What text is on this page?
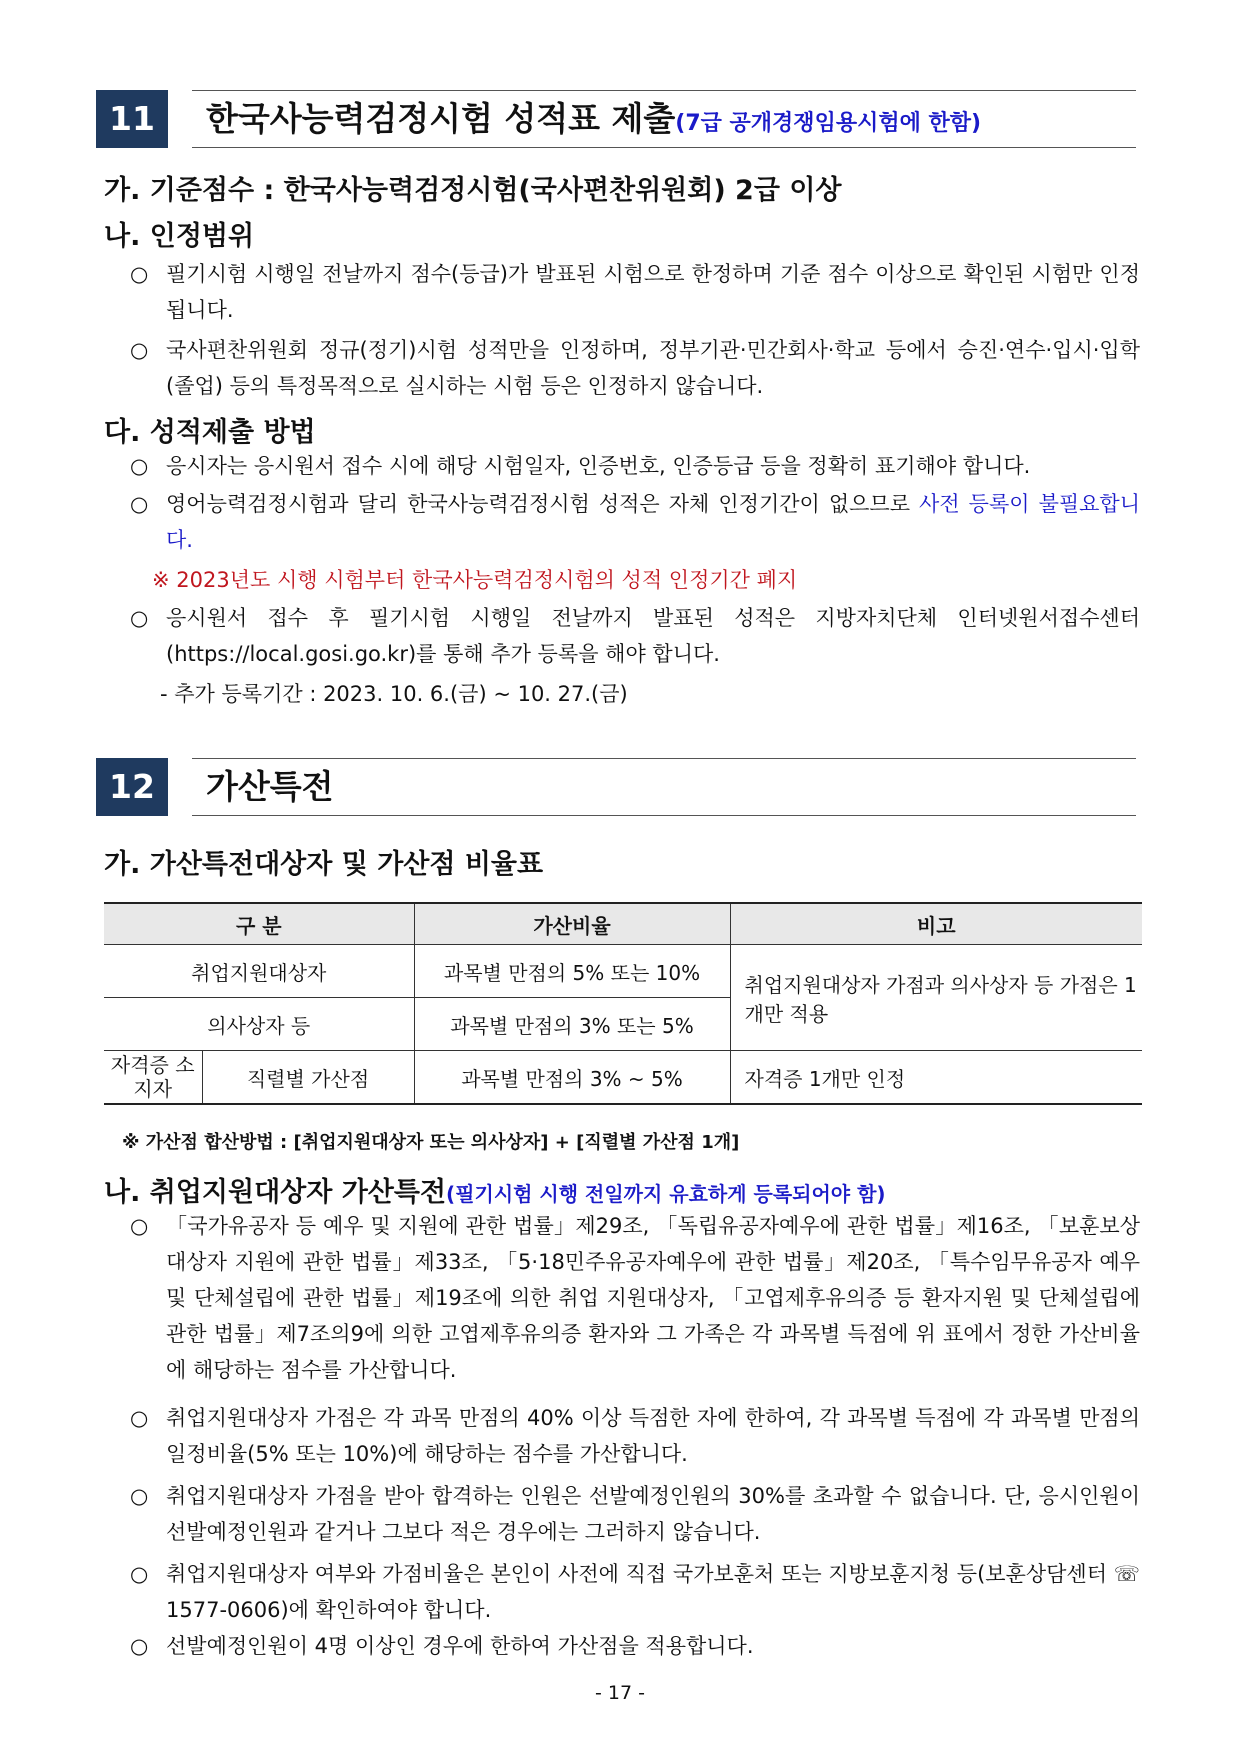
11	한국사능력검정시험 성적표 제출(7급 공개경쟁임용시험에 한함)
가. 기준점수 : 한국사능력검정시험(국사편찬위원회) 2급 이상
나. 인정범위
○ 필기시험 시행일 전날까지 점수(등급)가 발표된 시험으로 한정하며 기준 점수 이상으로 확인된 시험만 인정됩니다.
○ 국사편찬위원회 정규(정기)시험 성적만을 인정하며, 정부기관·민간회사·학교 등에서 승진·연수·입시·입학(졸업) 등의 특정목적으로 실시하는 시험 등은 인정하지 않습니다.
다. 성적제출 방법
○ 응시자는 응시원서 접수 시에 해당 시험일자, 인증번호, 인증등급 등을 정확히 표기해야 합니다.
○ 영어능력검정시험과 달리 한국사능력검정시험 성적은 자체 인정기간이 없으므로 사전 등록이 불필요합니다.
※ 2023년도 시행 시험부터 한국사능력검정시험의 성적 인정기간 폐지
○ 응시원서 접수 후 필기시험 시행일 전날까지 발표된 성적은 지방자치단체 인터넷원서접수센터(https://local.gosi.go.kr)를 통해 추가 등록을 해야 합니다.
- 추가 등록기간 : 2023. 10. 6.(금) ~ 10. 27.(금)
12	가산특전
가. 가산특전대상자 및 가산점 비율표
구 분		가산비율	비고
취업지원대상자		과목별 만점의 5% 또는 10%	취업지원대상자 가점과 의사상자 등 가점은 1개만 적용
의사상자 등		과목별 만점의 3% 또는 5%	
자격증 소지자	직렬별 가산점	과목별 만점의 3% ~ 5%	자격증 1개만 인정
※ 가산점 합산방법 : [취업지원대상자 또는 의사상자] + [직렬별 가산점 1개]
나. 취업지원대상자 가산특전(필기시험 시행 전일까지 유효하게 등록되어야 함)
○ 「국가유공자 등 예우 및 지원에 관한 법률」제29조, 「독립유공자예우에 관한 법률」제16조, 「보훈보상대상자 지원에 관한 법률」제33조, 「5·18민주유공자예우에 관한 법률」제20조, 「특수임무유공자 예우 및 단체설립에 관한 법률」제19조에 의한 취업 지원대상자, 「고엽제후유의증 등 환자지원 및 단체설립에 관한 법률」제7조의9에 의한 고엽제후유의증 환자와 그 가족은 각 과목별 득점에 위 표에서 정한 가산비율에 해당하는 점수를 가산합니다.
○ 취업지원대상자 가점은 각 과목 만점의 40% 이상 득점한 자에 한하여, 각 과목별 득점에 각 과목별 만점의 일정비율(5% 또는 10%)에 해당하는 점수를 가산합니다.
○ 취업지원대상자 가점을 받아 합격하는 인원은 선발예정인원의 30%를 초과할 수 없습니다. 단, 응시인원이 선발예정인원과 같거나 그보다 적은 경우에는 그러하지 않습니다.
○ 취업지원대상자 여부와 가점비율은 본인이 사전에 직접 국가보훈처 또는 지방보훈지청 등(보훈상담센터 ☏ 1577-0606)에 확인하여야 합니다.
○ 선발예정인원이 4명 이상인 경우에 한하여 가산점을 적용합니다.
- 17 -
